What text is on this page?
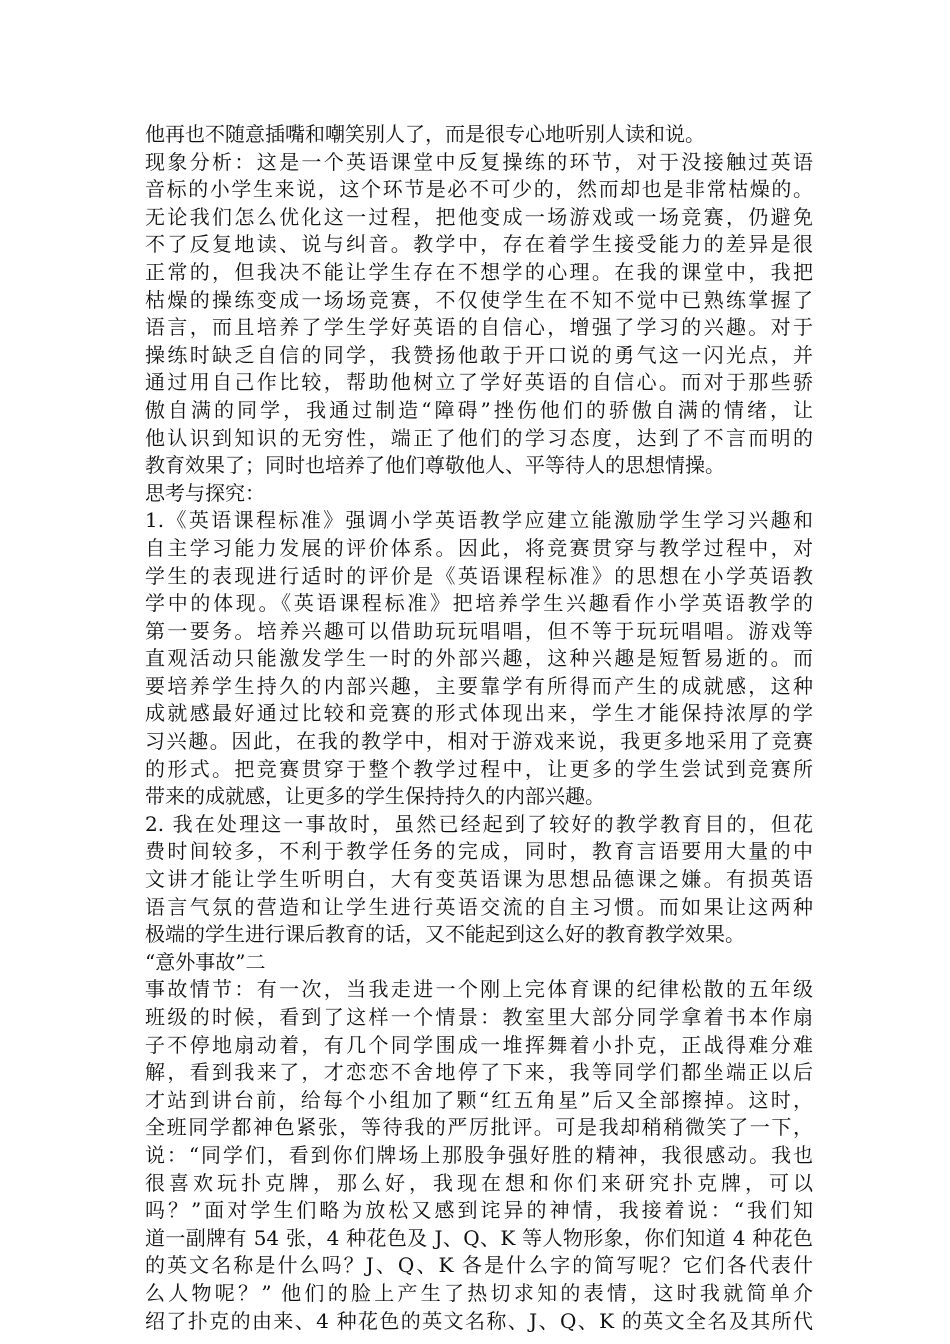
他再也不随意插嘴和嘲笑别人了，而是很专心地听别人读和说。
现象分析：这是一个英语课堂中反复操练的环节，对于没接触过英语
音标的小学生来说，这个环节是必不可少的，然而却也是非常枯燥的。
无论我们怎么优化这一过程，把他变成一场游戏或一场竞赛，仍避免
不了反复地读、说与纠音。教学中，存在着学生接受能力的差异是很
正常的，但我决不能让学生存在不想学的心理。在我的课堂中，我把
枯燥的操练变成一场场竞赛，不仅使学生在不知不觉中已熟练掌握了
语言，而且培养了学生学好英语的自信心，增强了学习的兴趣。对于
操练时缺乏自信的同学，我赞扬他敢于开口说的勇气这一闪光点，并
通过用自己作比较，帮助他树立了学好英语的自信心。而对于那些骄
傲自满的同学，我通过制造“障碍”挫伤他们的骄傲自满的情绪，让
他认识到知识的无穷性，端正了他们的学习态度，达到了不言而明的
教育效果了；同时也培养了他们尊敬他人、平等待人的思想情操。
思考与探究：
1.《英语课程标准》强调小学英语教学应建立能激励学生学习兴趣和
自主学习能力发展的评价体系。因此，将竞赛贯穿与教学过程中，对
学生的表现进行适时的评价是《英语课程标准》的思想在小学英语教
学中的体现。《英语课程标准》把培养学生兴趣看作小学英语教学的
第一要务。培养兴趣可以借助玩玩唱唱，但不等于玩玩唱唱。游戏等
直观活动只能激发学生一时的外部兴趣，这种兴趣是短暂易逝的。而
要培养学生持久的内部兴趣，主要靠学有所得而产生的成就感，这种
成就感最好通过比较和竞赛的形式体现出来，学生才能保持浓厚的学
习兴趣。因此，在我的教学中，相对于游戏来说，我更多地采用了竞赛
的形式。把竞赛贯穿于整个教学过程中，让更多的学生尝试到竞赛所
带来的成就感，让更多的学生保持持久的内部兴趣。
2. 我在处理这一事故时，虽然已经起到了较好的教学教育目的，但花
费时间较多，不利于教学任务的完成，同时，教育言语要用大量的中
文讲才能让学生听明白，大有变英语课为思想品德课之嫌。有损英语
语言气氛的营造和让学生进行英语交流的自主习惯。而如果让这两种
极端的学生进行课后教育的话，又不能起到这么好的教育教学效果。
“意外事故”二
事故情节：有一次，当我走进一个刚上完体育课的纪律松散的五年级
班级的时候，看到了这样一个情景：教室里大部分同学拿着书本作扇
子不停地扇动着，有几个同学围成一堆挥舞着小扑克，正战得难分难
解，看到我来了，才恋恋不舍地停了下来，我等同学们都坐端正以后
才站到讲台前，给每个小组加了颗“红五角星”后又全部擦掉。这时，
全班同学都神色紧张，等待我的严厉批评。可是我却稍稍微笑了一下，
说：“同学们，看到你们牌场上那股争强好胜的精神，我很感动。我也
很喜欢玩扑克牌，那么好，我现在想和你们来研究扑克牌，可以
吗？”面对学生们略为放松又感到诧异的神情，我接着说：“我们知
道一副牌有 54 张，4 种花色及 J、Q、K 等人物形象，你们知道 4 种花色
的英文名称是什么吗？J、Q、K 各是什么字的简写呢？它们各代表什
么人物呢？” 他们的脸上产生了热切求知的表情，这时我就简单介
绍了扑克的由来、4 种花色的英文名称、J、Q、K 的英文全名及其所代
